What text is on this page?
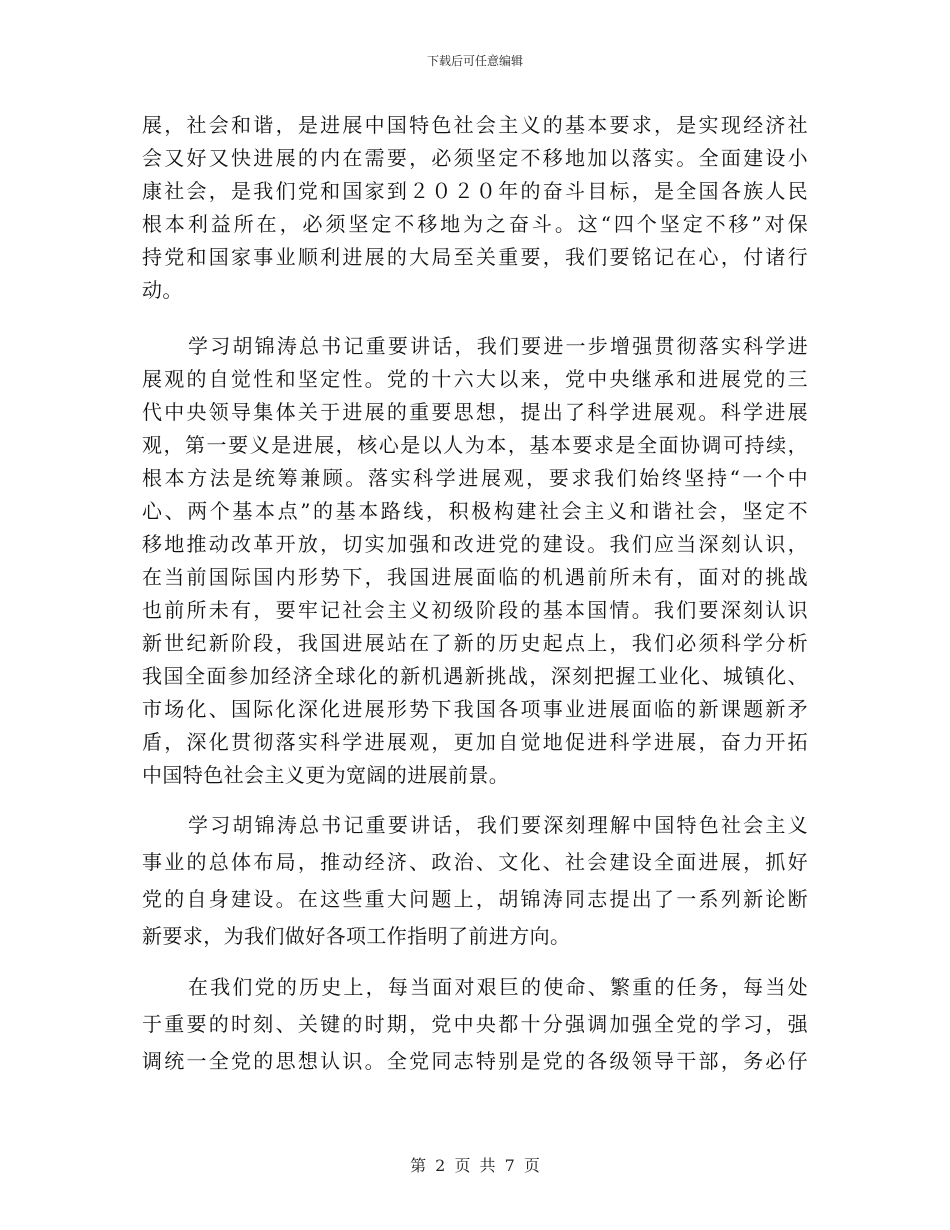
下载后可任意编辑
展，社会和谐，是进展中国特色社会主义的基本要求，是实现经济社
会又好又快进展的内在需要，必须坚定不移地加以落实。全面建设小
康社会，是我们党和国家到２０２０年的奋斗目标，是全国各族人民
根本利益所在，必须坚定不移地为之奋斗。这“四个坚定不移”对保
持党和国家事业顺利进展的大局至关重要，我们要铭记在心，付诸行
动。
学习胡锦涛总书记重要讲话，我们要进一步增强贯彻落实科学进
展观的自觉性和坚定性。党的十六大以来，党中央继承和进展党的三
代中央领导集体关于进展的重要思想，提出了科学进展观。科学进展
观，第一要义是进展，核心是以人为本，基本要求是全面协调可持续，
根本方法是统筹兼顾。落实科学进展观，要求我们始终坚持“一个中
心、两个基本点”的基本路线，积极构建社会主义和谐社会，坚定不
移地推动改革开放，切实加强和改进党的建设。我们应当深刻认识，
在当前国际国内形势下，我国进展面临的机遇前所未有，面对的挑战
也前所未有，要牢记社会主义初级阶段的基本国情。我们要深刻认识
新世纪新阶段，我国进展站在了新的历史起点上，我们必须科学分析
我国全面参加经济全球化的新机遇新挑战，深刻把握工业化、城镇化、
市场化、国际化深化进展形势下我国各项事业进展面临的新课题新矛
盾，深化贯彻落实科学进展观，更加自觉地促进科学进展，奋力开拓
中国特色社会主义更为宽阔的进展前景。
学习胡锦涛总书记重要讲话，我们要深刻理解中国特色社会主义
事业的总体布局，推动经济、政治、文化、社会建设全面进展，抓好
党的自身建设。在这些重大问题上，胡锦涛同志提出了一系列新论断
新要求，为我们做好各项工作指明了前进方向。
在我们党的历史上，每当面对艰巨的使命、繁重的任务，每当处
于重要的时刻、关键的时期，党中央都十分强调加强全党的学习，强
调统一全党的思想认识。全党同志特别是党的各级领导干部，务必仔
第 2 页 共 7 页
